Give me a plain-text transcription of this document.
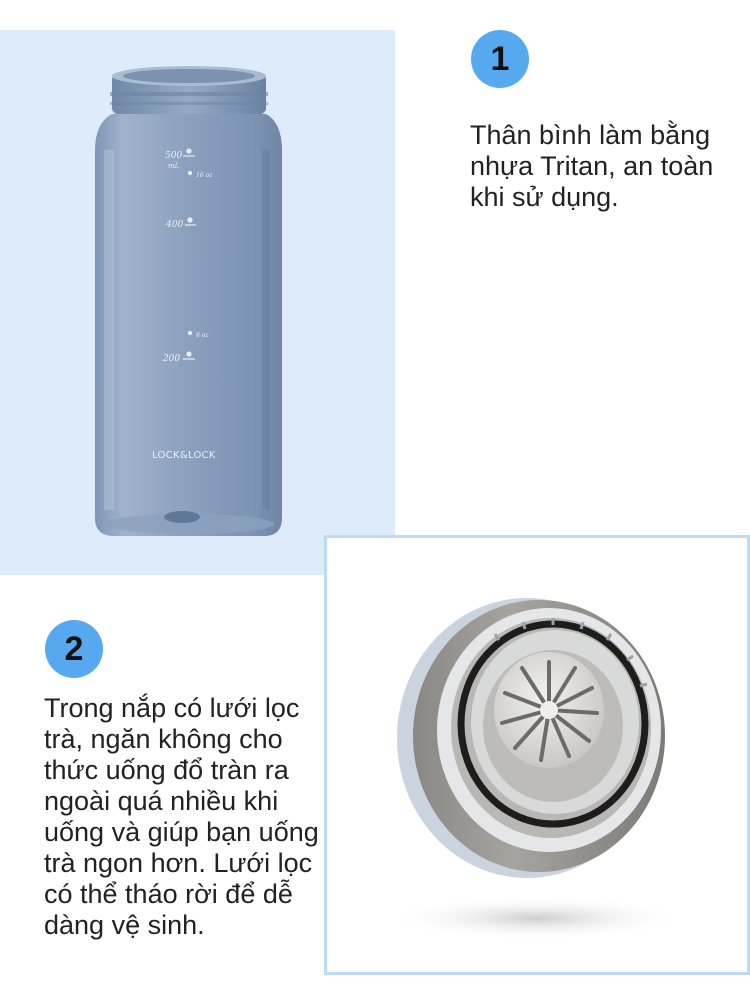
500
mL
16 oz
400
8 oz
200
LOCK&LOCK
1

Thân bình làm bằng
nhựa Tritan, an toàn
khi sử dụng.

2

Trong nắp có lưới lọc
trà, ngăn không cho
thức uống đổ tràn ra
ngoài quá nhiều khi
uống và giúp bạn uống
trà ngon hơn. Lưới lọc
có thể tháo rời để dễ
dàng vệ sinh.
